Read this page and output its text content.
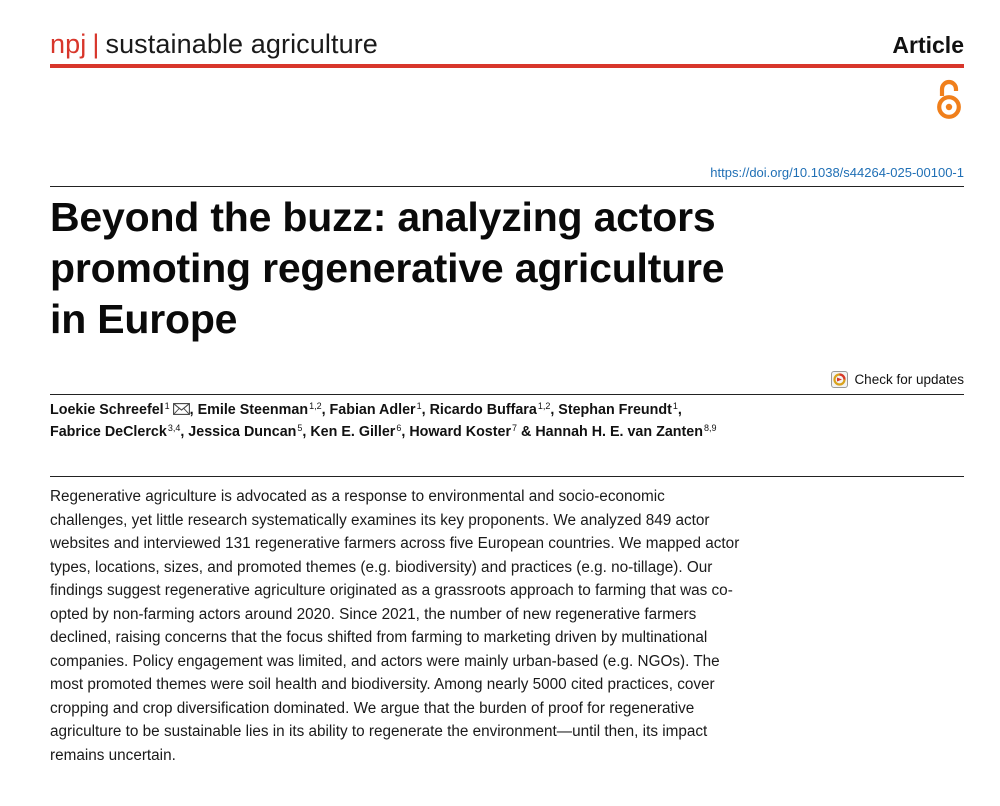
npj | sustainable agriculture	Article
https://doi.org/10.1038/s44264-025-00100-1
Beyond the buzz: analyzing actors
promoting regenerative agriculture
in Europe
Check for updates
Loekie Schreefel$^1$ , Emile Steenman$^{1,2}$, Fabian Adler$^1$, Ricardo Buffara$^{1,2}$, Stephan Freundt$^1$,
Fabrice DeClerck$^{3,4}$, Jessica Duncan$^5$, Ken E. Giller$^6$, Howard Koster$^7$ & Hannah H. E. van Zanten$^{8,9}$
Regenerative agriculture is advocated as a response to environmental and socio-economic
challenges, yet little research systematically examines its key proponents. We analyzed 849 actor
websites and interviewed 131 regenerative farmers across five European countries. We mapped actor
types, locations, sizes, and promoted themes (e.g. biodiversity) and practices (e.g. no-tillage). Our
findings suggest regenerative agriculture originated as a grassroots approach to farming that was co-
opted by non-farming actors around 2020. Since 2021, the number of new regenerative farmers
declined, raising concerns that the focus shifted from farming to marketing driven by multinational
companies. Policy engagement was limited, and actors were mainly urban-based (e.g. NGOs). The
most promoted themes were soil health and biodiversity. Among nearly 5000 cited practices, cover
cropping and crop diversification dominated. We argue that the burden of proof for regenerative
agriculture to be sustainable lies in its ability to regenerate the environment—until then, its impact
remains uncertain.
